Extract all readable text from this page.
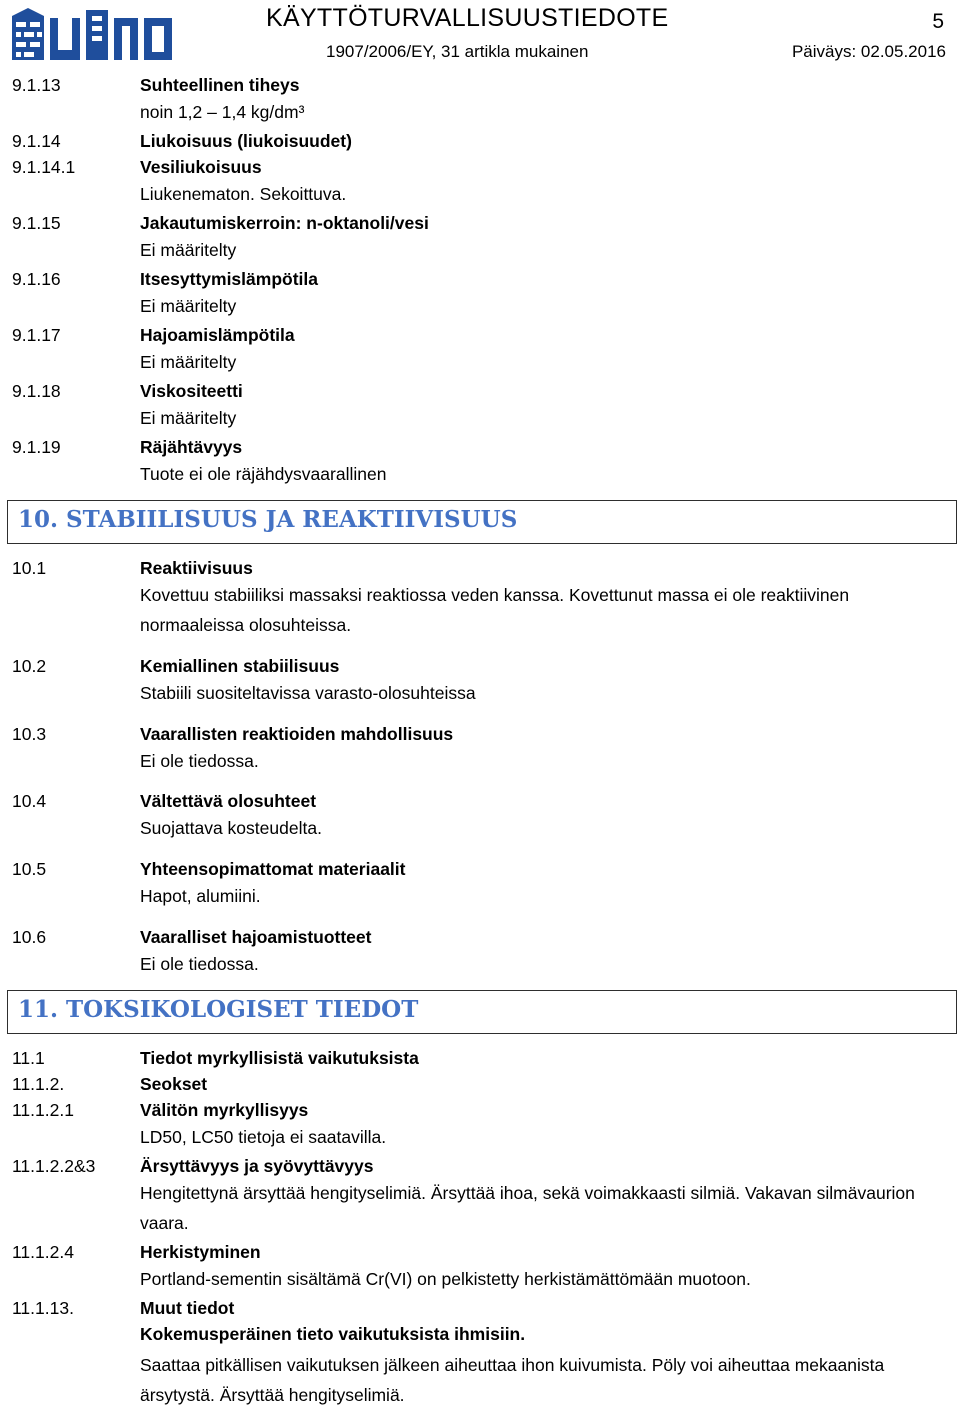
KÄYTTÖTURVALLISUUSTIEDOTE	5
1907/2006/EY, 31 artikla mukainen	Päiväys: 02.05.2016
9.1.13	Suhteellinen tiheys
noin 1,2 – 1,4 kg/dm³
9.1.14	Liukoisuus (liukoisuudet)
9.1.14.1	Vesiliukoisuus
Liukenematon. Sekoittuva.
9.1.15	Jakautumiskerroin: n-oktanoli/vesi
Ei määritelty
9.1.16	Itsesyttymislämpötila
Ei määritelty
9.1.17	Hajoamislämpötila
Ei määritelty
9.1.18	Viskositeetti
Ei määritelty
9.1.19	Räjähtävyys
Tuote ei ole räjähdysvaarallinen
10. STABIILISUUS JA REAKTIIVISUUS
10.1	Reaktiivisuus
Kovettuu stabiiliksi massaksi reaktiossa veden kanssa. Kovettunut massa ei ole reaktiivinen normaaleissa olosuhteissa.
10.2	Kemiallinen stabiilisuus
Stabiili suositeltavissa varasto-olosuhteissa
10.3	Vaarallisten reaktioiden mahdollisuus
Ei ole tiedossa.
10.4	Vältettävä olosuhteet
Suojattava kosteudelta.
10.5	Yhteensopimattomat materiaalit
Hapot, alumiini.
10.6	Vaaralliset hajoamistuotteet
Ei ole tiedossa.
11. TOKSIKOLOGISET TIEDOT
11.1	Tiedot myrkyllisistä vaikutuksista
11.1.2.	Seokset
11.1.2.1	Välitön myrkyllisyys
LD50, LC50 tietoja ei saatavilla.
11.1.2.2&3	Ärsyttävyys ja syövyttävyys
Hengitettynä ärsyttää hengityselimiä. Ärsyttää ihoa, sekä voimakkaasti silmiä. Vakavan silmävaurion vaara.
11.1.2.4	Herkistyminen
Portland-sementin sisältämä Cr(VI) on pelkistetty herkistämättömään muotoon.
11.1.13.	Muut tiedot
Kokemusperäinen tieto vaikutuksista ihmisiin.
Saattaa pitkällisen vaikutuksen jälkeen aiheuttaa ihon kuivumista. Pöly voi aiheuttaa mekaanista ärsytystä. Ärsyttää hengityselimiä.
